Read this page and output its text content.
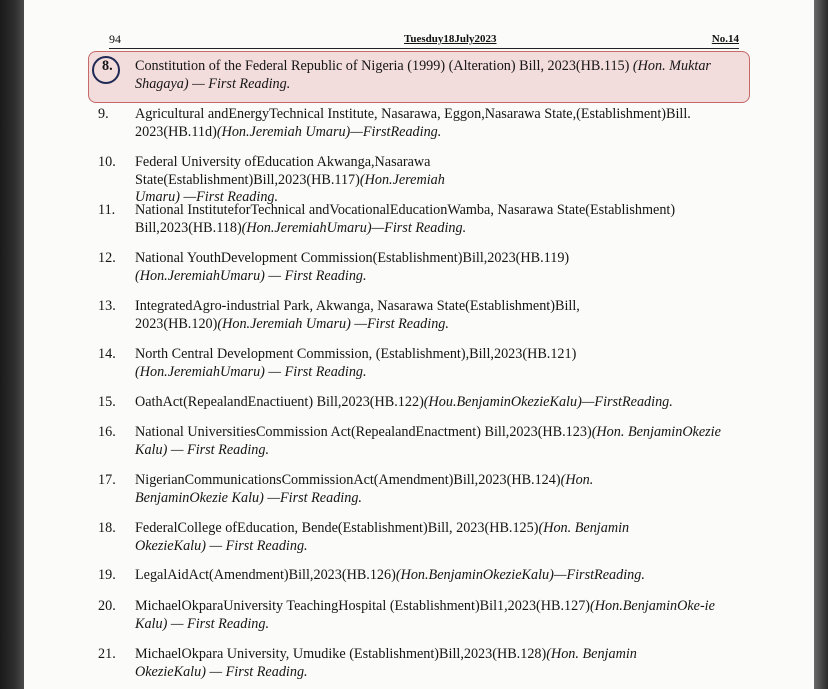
94	Tuesduy18July2023	No.14
8.	Constitution of the Federal Republic of Nigeria (1999) (Alteration) Bill, 2023(HB.115) (Hon. Muktar Shagaya) — First Reading.
9.	Agricultural andEnergyTechnical Institute, Nasarawa, Eggon,Nasarawa State,(Establishment)Bill. 2023(HB.11d)(Hon.Jeremiah Umaru)—FirstReading.
10.	Federal University ofEducation Akwanga,Nasarawa State(Establishment)Bill,2023(HB.117)(Hon.Jeremiah Umaru) —First Reading.
11.	National InstituteforTechnical andVocationalEducationWamba, Nasarawa State(Establishment) Bill,2023(HB.118)(Hon.JeremiahUmaru)—First Reading.
12.	National YouthDevelopment Commission(Establishment)Bill,2023(HB.119)(Hon.JeremiahUmaru) — First Reading.
13.	IntegratedAgro-industrial Park, Akwanga, Nasarawa State(Establishment)Bill, 2023(HB.120)(Hon.Jeremiah Umaru) —First Reading.
14.	North Central Development Commission, (Establishment),Bill,2023(HB.121)(Hon.JeremiahUmaru) — First Reading.
15.	OathAct(RepealandEnactiuent) Bill,2023(HB.122)(Hou.BenjaminOkezieKalu)—FirstReading.
16.	National UniversitiesCommission Act(RepealandEnactment) Bill,2023(HB.123)(Hon. BenjaminOkezie Kalu) — First Reading.
17.	NigerianCommunicationsCommissionAct(Amendment)Bill,2023(HB.124)(Hon. BenjaminOkezie Kalu) —First Reading.
18.	FederalCollege ofEducation, Bende(Establishment)Bill, 2023(HB.125)(Hon. Benjamin OkezieKalu) — First Reading.
19.	LegalAidAct(Amendment)Bill,2023(HB.126)(Hon.BenjaminOkezieKalu)—FirstReading.
20.	MichaelOkparaUniversity TeachingHospital (Establishment)Bil1,2023(HB.127)(Hon.BenjaminOke-ie Kalu) — First Reading.
21.	MichaelOkpara University, Umudike (Establishment)Bill,2023(HB.128)(Hon. Benjamin OkezieKalu) — First Reading.
